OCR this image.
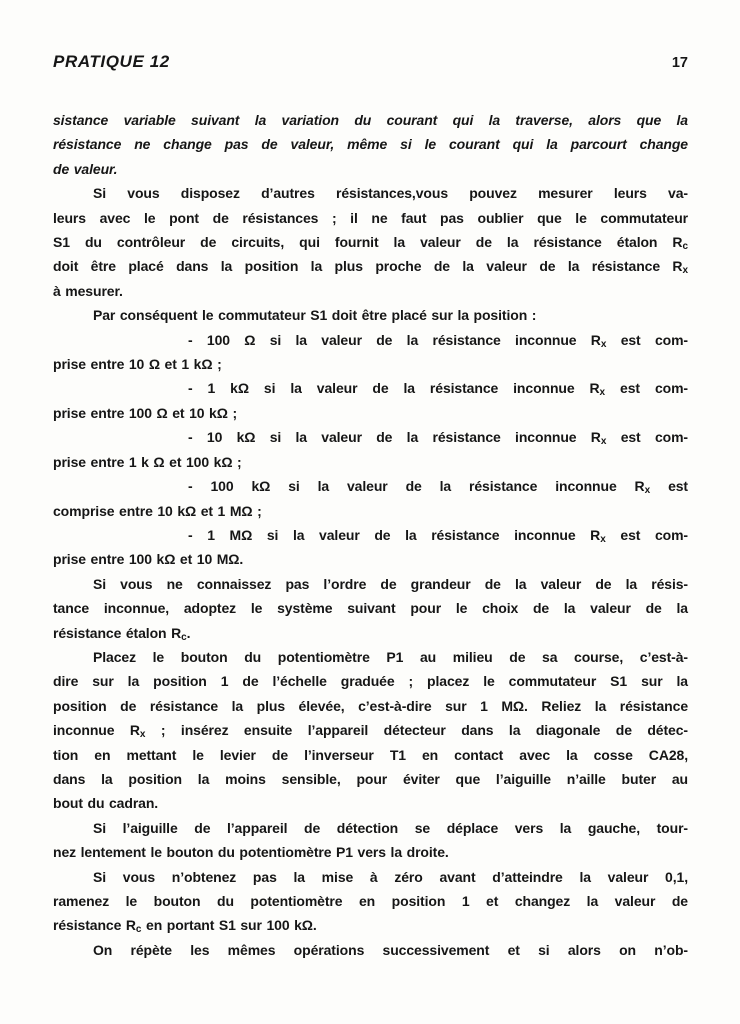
PRATIQUE 12	17
sistance variable suivant la variation du courant qui la traverse, alors que la
résistance ne change pas de valeur, même si le courant qui la parcourt change
de valeur.
Si vous disposez d’autres résistances,vous pouvez mesurer leurs va-
leurs avec le pont de résistances ; il ne faut pas oublier que le commutateur
S1 du contrôleur de circuits, qui fournit la valeur de la résistance étalon $R_c$
doit être placé dans la position la plus proche de la valeur de la résistance $R_x$
à mesurer.
Par conséquent le commutateur S1 doit être placé sur la position :
- 100 Ω si la valeur de la résistance inconnue $R_x$ est com-
prise entre 10 Ω et 1 kΩ ;
- 1 kΩ si la valeur de la résistance inconnue $R_x$ est com-
prise entre 100 Ω et 10 kΩ ;
- 10 kΩ si la valeur de la résistance inconnue $R_x$ est com-
prise entre 1 k Ω et 100 kΩ ;
- 100 kΩ si la valeur de la résistance inconnue $R_x$ est
comprise entre 10 kΩ et 1 MΩ ;
- 1 MΩ si la valeur de la résistance inconnue $R_x$ est com-
prise entre 100 kΩ et 10 MΩ.
Si vous ne connaissez pas l’ordre de grandeur de la valeur de la résis-
tance inconnue, adoptez le système suivant pour le choix de la valeur de la
résistance étalon $R_c$.
Placez le bouton du potentiomètre P1 au milieu de sa course, c’est-à-
dire sur la position 1 de l’échelle graduée ; placez le commutateur S1 sur la
position de résistance la plus élevée, c’est-à-dire sur 1 MΩ. Reliez la résistance
inconnue $R_x$ ; insérez ensuite l’appareil détecteur dans la diagonale de détec-
tion en mettant le levier de l’inverseur T1 en contact avec la cosse CA28,
dans la position la moins sensible, pour éviter que l’aiguille n’aille buter au
bout du cadran.
Si l’aiguille de l’appareil de détection se déplace vers la gauche, tour-
nez lentement le bouton du potentiomètre P1 vers la droite.
Si vous n’obtenez pas la mise à zéro avant d’atteindre la valeur 0,1,
ramenez le bouton du potentiomètre en position 1 et changez la valeur de
résistance $R_c$ en portant S1 sur 100 kΩ.
On répète les mêmes opérations successivement et si alors on n’ob-
